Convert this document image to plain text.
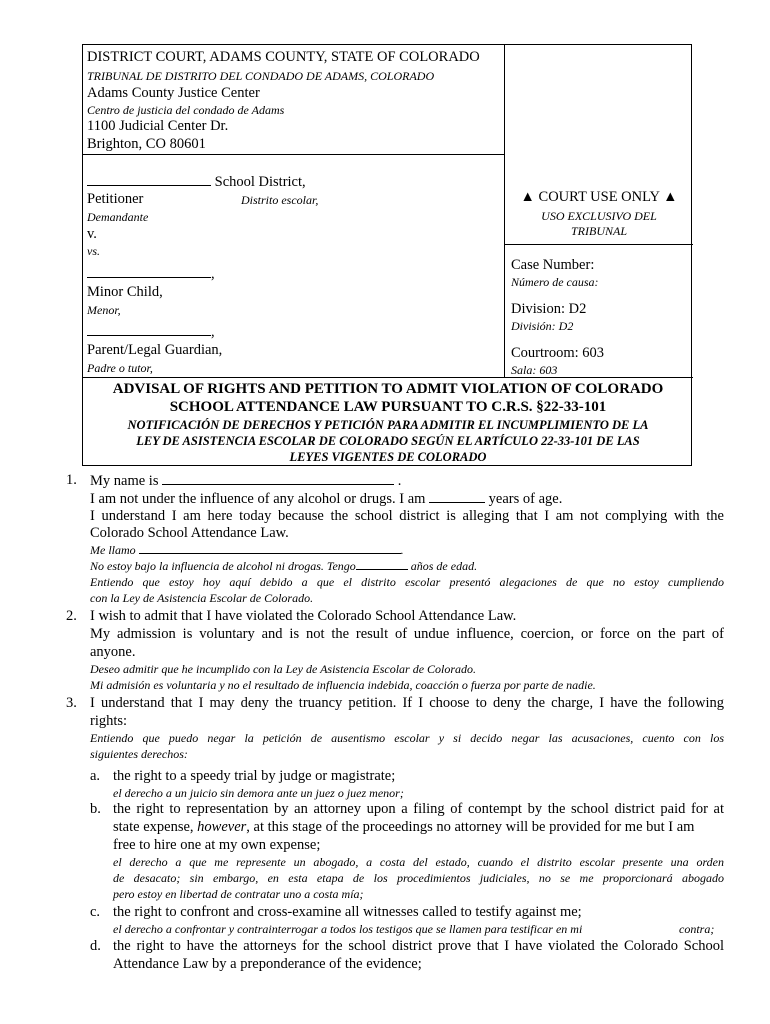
DISTRICT COURT, ADAMS COUNTY, STATE OF COLORADO
TRIBUNAL DE DISTRITO DEL CONDADO DE ADAMS, COLORADO
Adams County Justice Center
Centro de justicia del condado de Adams
1100 Judicial Center Dr.
Brighton, CO 80601
School District,
Petitioner	Distrito escolar,
Demandante
v.
vs.
,
Minor Child,
Menor,
,
Parent/Legal Guardian,
Padre o tutor,
▲ COURT USE ONLY ▲
USO EXCLUSIVO DEL
TRIBUNAL
Case Number:
Número de causa:
Division: D2
División: D2
Courtroom: 603
Sala: 603
ADVISAL OF RIGHTS AND PETITION TO ADMIT VIOLATION OF COLORADO
SCHOOL ATTENDANCE LAW PURSUANT TO C.R.S. §22-33-101
NOTIFICACIÓN DE DERECHOS Y PETICIÓN PARA ADMITIR EL INCUMPLIMIENTO DE LA
LEY DE ASISTENCIA ESCOLAR DE COLORADO SEGÚN EL ARTÍCULO 22-33-101 DE LAS
LEYES VIGENTES DE COLORADO
1. My name is	.
I am not under the influence of any alcohol or drugs. I am	years of age.
I understand I am here today because the school district is alleging that I am not complying with the
Colorado School Attendance Law.
Me llamo	.
No estoy bajo la influencia de alcohol ni drogas. Tengo	años de edad.
Entiendo que estoy hoy aquí debido a que el distrito escolar presentó alegaciones de que no estoy cumpliendo
con la Ley de Asistencia Escolar de Colorado.
2. I wish to admit that I have violated the Colorado School Attendance Law.
My admission is voluntary and is not the result of undue influence, coercion, or force on the part of
anyone.
Deseo admitir que he incumplido con la Ley de Asistencia Escolar de Colorado.
Mi admisión es voluntaria y no el resultado de influencia indebida, coacción o fuerza por parte de nadie.
3. I understand that I may deny the truancy petition. If I choose to deny the charge, I have the following
rights:
Entiendo que puedo negar la petición de ausentismo escolar y si decido negar las acusaciones, cuento con los
siguientes derechos:
a. the right to a speedy trial by judge or magistrate;
el derecho a un juicio sin demora ante un juez o juez menor;
b. the right to representation by an attorney upon a filing of contempt by the school district paid for at
state expense, however, at this stage of the proceedings no attorney will be provided for me but I am
free to hire one at my own expense;
el derecho a que me represente un abogado, a costa del estado, cuando el distrito escolar presente una orden
de desacato; sin embargo, en esta etapa de los procedimientos judiciales, no se me proporcionará abogado
pero estoy en libertad de contratar uno a costa mía;
c. the right to confront and cross-examine all witnesses called to testify against me;
el derecho a confrontar y contrainterrogar a todos los testigos que se llamen para testificar en mi	contra;
d. the right to have the attorneys for the school district prove that I have violated the Colorado School
Attendance Law by a preponderance of the evidence;
